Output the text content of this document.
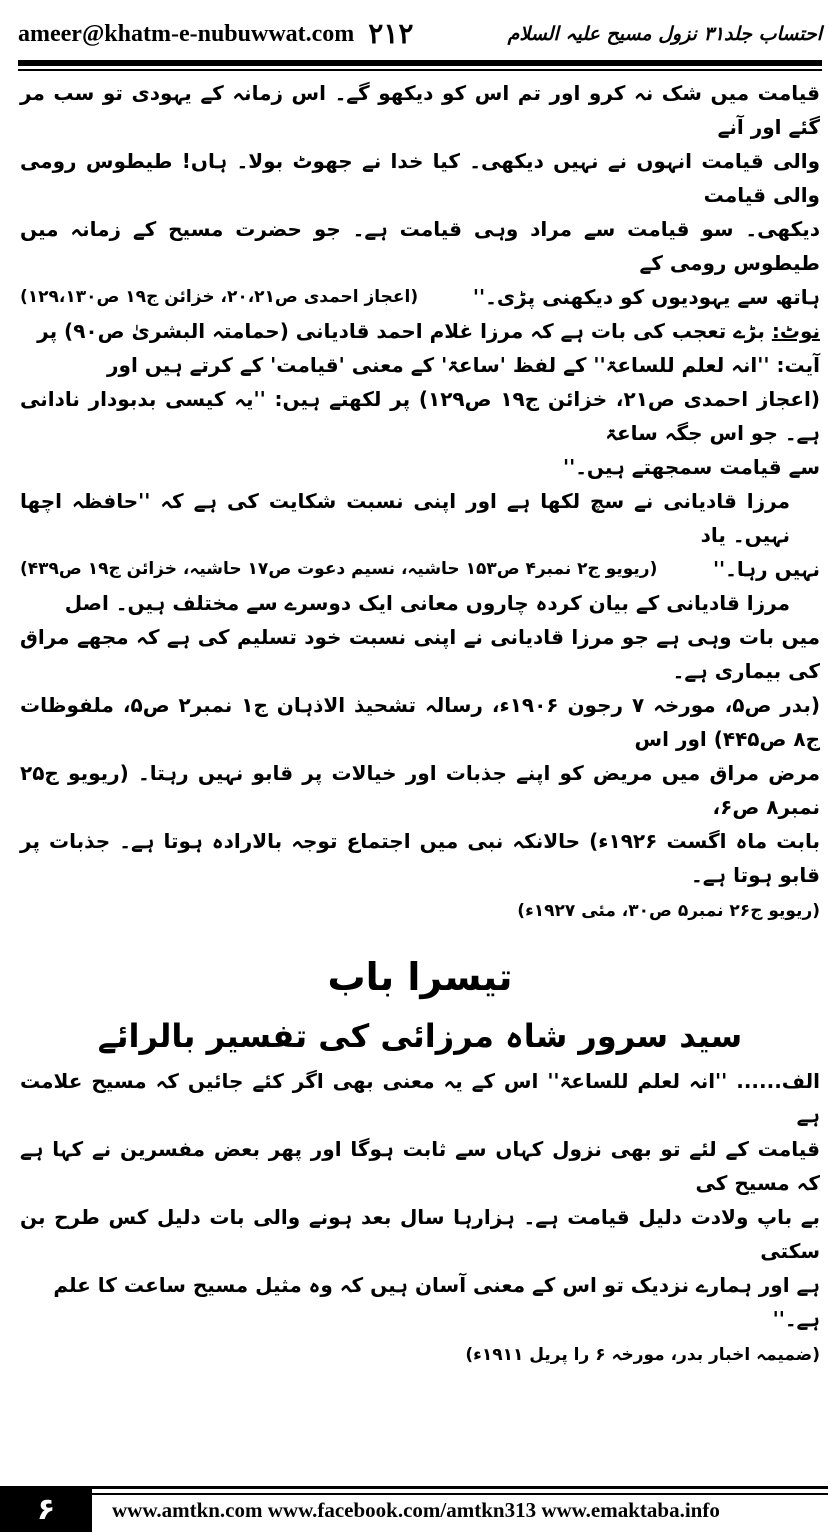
ameer@khatm-e-nubuwwat.com ۲۱۲	احتساب جلد۳۱ نزول مسیح علیہ السلام

قیامت میں شک نہ کرو اور تم اس کو دیکھو گے۔ اس زمانہ کے یہودی تو سب مر گئے اور آنے

والی قیامت انہوں نے نہیں دیکھی۔ کیا خدا نے جھوٹ بولا۔ ہاں! طیطوس رومی والی قیامت

دیکھی۔ سو قیامت سے مراد وہی قیامت ہے۔ جو حضرت مسیح کے زمانہ میں طیطوس رومی کے

ہاتھ سے یہودیوں کو دیکھنی پڑی۔''
(اعجاز احمدی ص۲۰،۲۱، خزائن ج۱۹ ص۱۲۹،۱۳۰)

نوٹ: بڑے تعجب کی بات ہے کہ مرزا غلام احمد قادیانی (حمامتہ البشریٰ ص۹۰) پر

آیت: ''انہ لعلم للساعۃ'' کے لفظ 'ساعۃ' کے معنی 'قیامت' کے کرتے ہیں اور

(اعجاز احمدی ص۲۱، خزائن ج۱۹ ص۱۲۹) پر لکھتے ہیں: ''یہ کیسی بدبودار نادانی ہے۔ جو اس جگہ ساعۃ

سے قیامت سمجھتے ہیں۔''

مرزا قادیانی نے سچ لکھا ہے اور اپنی نسبت شکایت کی ہے کہ ''حافظہ اچھا نہیں۔ یاد

نہیں رہا۔''
(ریویو ج۲ نمبر۴ ص۱۵۳ حاشیہ، نسیم دعوت ص۱۷ حاشیہ، خزائن ج۱۹ ص۴۳۹)

مرزا قادیانی کے بیان کردہ چاروں معانی ایک دوسرے سے مختلف ہیں۔ اصل

میں بات وہی ہے جو مرزا قادیانی نے اپنی نسبت خود تسلیم کی ہے کہ مجھے مراق کی بیماری ہے۔

(بدر ص۵، مورخہ ۷ رجون ۱۹۰۶ء، رسالہ تشحیذ الاذہان ج۱ نمبر۲ ص۵، ملفوظات ج۸ ص۴۴۵) اور اس

مرض مراق میں مریض کو اپنے جذبات اور خیالات پر قابو نہیں رہتا۔ (ریویو ج۲۵ نمبر۸ ص۶،

بابت ماہ اگست ۱۹۲۶ء) حالانکہ نبی میں اجتماع توجہ بالارادہ ہوتا ہے۔ جذبات پر قابو ہوتا ہے۔

(ریویو ج۲۶ نمبر۵ ص۳۰، مئی ۱۹۲۷ء)

تیسرا باب
سید سرور شاہ مرزائی کی تفسیر بالرائے

الف...... ''انہ لعلم للساعۃ'' اس کے یہ معنی بھی اگر کئے جائیں کہ مسیح علامت ہے

قیامت کے لئے تو بھی نزول کہاں سے ثابت ہوگا اور پھر بعض مفسرین نے کہا ہے کہ مسیح کی

بے باپ ولادت دلیل قیامت ہے۔ ہزارہا سال بعد ہونے والی بات دلیل کس طرح بن سکتی

ہے اور ہمارے نزدیک تو اس کے معنی آسان ہیں کہ وہ مثیل مسیح ساعت کا علم ہے۔''

(ضمیمہ اخبار بدر، مورخہ ۶ را پریل ۱۹۱۱ء)

۶	www.amtkn.com www.facebook.com/amtkn313 www.emaktaba.info
